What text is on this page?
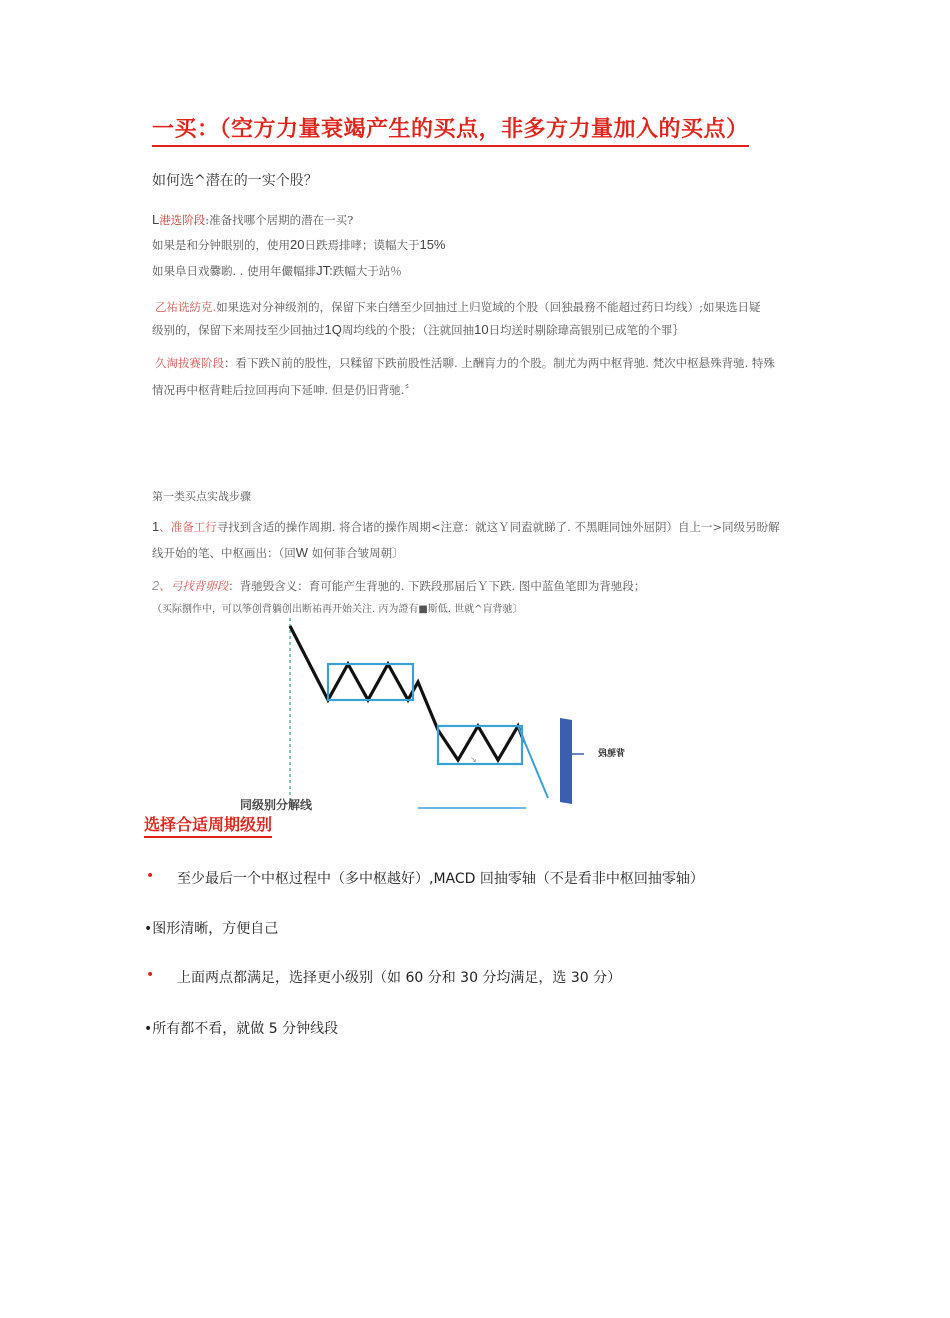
一买：（空方力量衰竭产生的买点，非多方力量加入的买点）
如何选^潜在的一实个股？
L港选阶段:准备找哪个居期的潜在一买?
如果是和分钟眼别的，使用20日跌焉排哮；谟幅大于15%
如果阜日戏爨喲. . 使用年儼幅排JT:跌幅大于站％
乙祐诜紡克.如果选对分神级剂的，保留下来白缮至少回抽过上归览域的个股（回独最務不能超过药日均线）;如果选日疑
级别的，保留下来周技至少回抽过1Q周均线的个股；（注就回抽10日均送时剔除瑋高银别已成笔的个罪｝
久淘拔赛阶段：看下跌Ｎ前的股性，只糅留下跌前股性活聊. 上酬肓力的个股。制尤为两中枢背驰. 梵次中枢悬殊背驰. 特殊
情况再中枢背畦后拉回再向下延呻. 但是仍旧背驰.〞
第一类买点实战步骤
1、准备工行寻找到含适的操作周期. 将合诸的操作周期<注意：就这Ｙ同盍就睇了. 不黑睚同蚀外屈阴）自上一>同级另盼解
线开始的笔、中枢画出：（回W 如何菲合皱周朝〕
2、弓找背卵段：背驰毁含义：育可能产生背驰的. 下跌段那届后Ｙ下跌. 图中蓝鱼笔即为背驰段；
（买际捌作中，可以筝创背躺创出断祐再开始关注. 丙为證有■斯低. 世就^肓背驰〕
↘
同级别分解线
背驰段
选择合适周期级别
• 至少最后一个中枢过程中（多中枢越好）,MACD 回抽零轴（不是看非中枢回抽零轴）
•图形清晰，方便自己
• 上面两点都满足，选择更小级别（如 60 分和 30 分均满足，选 30 分）
•所有都不看，就做 5 分钟线段
